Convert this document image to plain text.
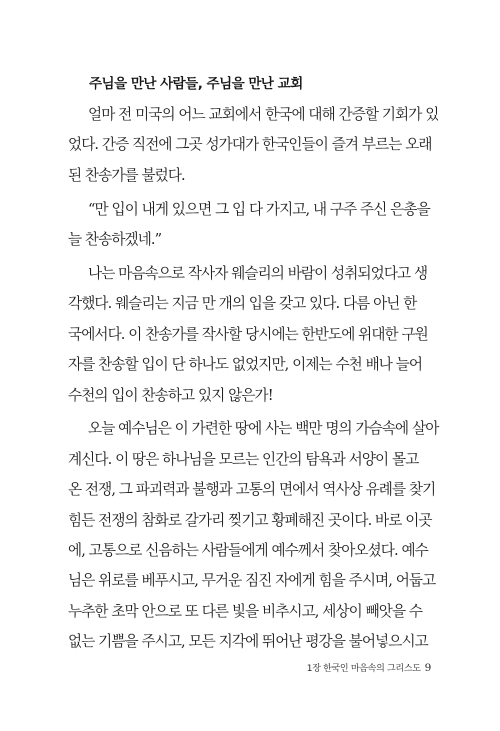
주님을 만난 사람들, 주님을 만난 교회
얼마 전 미국의 어느 교회에서 한국에 대해 간증할 기회가 있
었다. 간증 직전에 그곳 성가대가 한국인들이 즐겨 부르는 오래
된 찬송가를 불렀다.
“만 입이 내게 있으면 그 입 다 가지고, 내 구주 주신 은총을
늘 찬송하겠네.”
나는 마음속으로 작사자 웨슬리의 바람이 성취되었다고 생
각했다. 웨슬리는 지금 만 개의 입을 갖고 있다. 다름 아닌 한
국에서다. 이 찬송가를 작사할 당시에는 한반도에 위대한 구원
자를 찬송할 입이 단 하나도 없었지만, 이제는 수천 배나 늘어
수천의 입이 찬송하고 있지 않은가!
오늘 예수님은 이 가련한 땅에 사는 백만 명의 가슴속에 살아
계신다. 이 땅은 하나님을 모르는 인간의 탐욕과 서양이 몰고
온 전쟁, 그 파괴력과 불행과 고통의 면에서 역사상 유례를 찾기
힘든 전쟁의 참화로 갈가리 찢기고 황폐해진 곳이다. 바로 이곳
에, 고통으로 신음하는 사람들에게 예수께서 찾아오셨다. 예수
님은 위로를 베푸시고, 무거운 짐진 자에게 힘을 주시며, 어둡고
누추한 초막 안으로 또 다른 빛을 비추시고, 세상이 빼앗을 수
없는 기쁨을 주시고, 모든 지각에 뛰어난 평강을 불어넣으시고
1장 한국인 마음속의 그리스도 9
